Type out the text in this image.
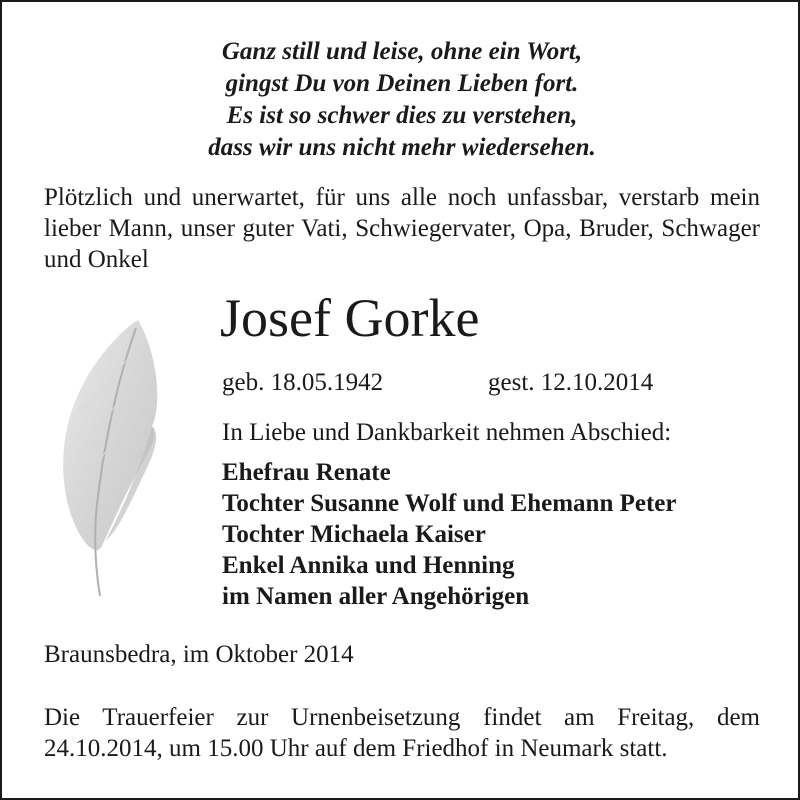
Ganz still und leise, ohne ein Wort,
gingst Du von Deinen Lieben fort.
Es ist so schwer dies zu verstehen,
dass wir uns nicht mehr wiedersehen.
Plötzlich und unerwartet, für uns alle noch unfassbar, verstarb mein lieber Mann, unser guter Vati, Schwiegervater, Opa, Bruder, Schwager und Onkel
Josef Gorke
geb. 18.05.1942	gest. 12.10.2014
In Liebe und Dankbarkeit nehmen Abschied:
Ehefrau Renate
Tochter Susanne Wolf und Ehemann Peter
Tochter Michaela Kaiser
Enkel Annika und Henning
im Namen aller Angehörigen
Braunsbedra, im Oktober 2014
Die Trauerfeier zur Urnenbeisetzung findet am Freitag, dem 24.10.2014, um 15.00 Uhr auf dem Friedhof in Neumark statt.
